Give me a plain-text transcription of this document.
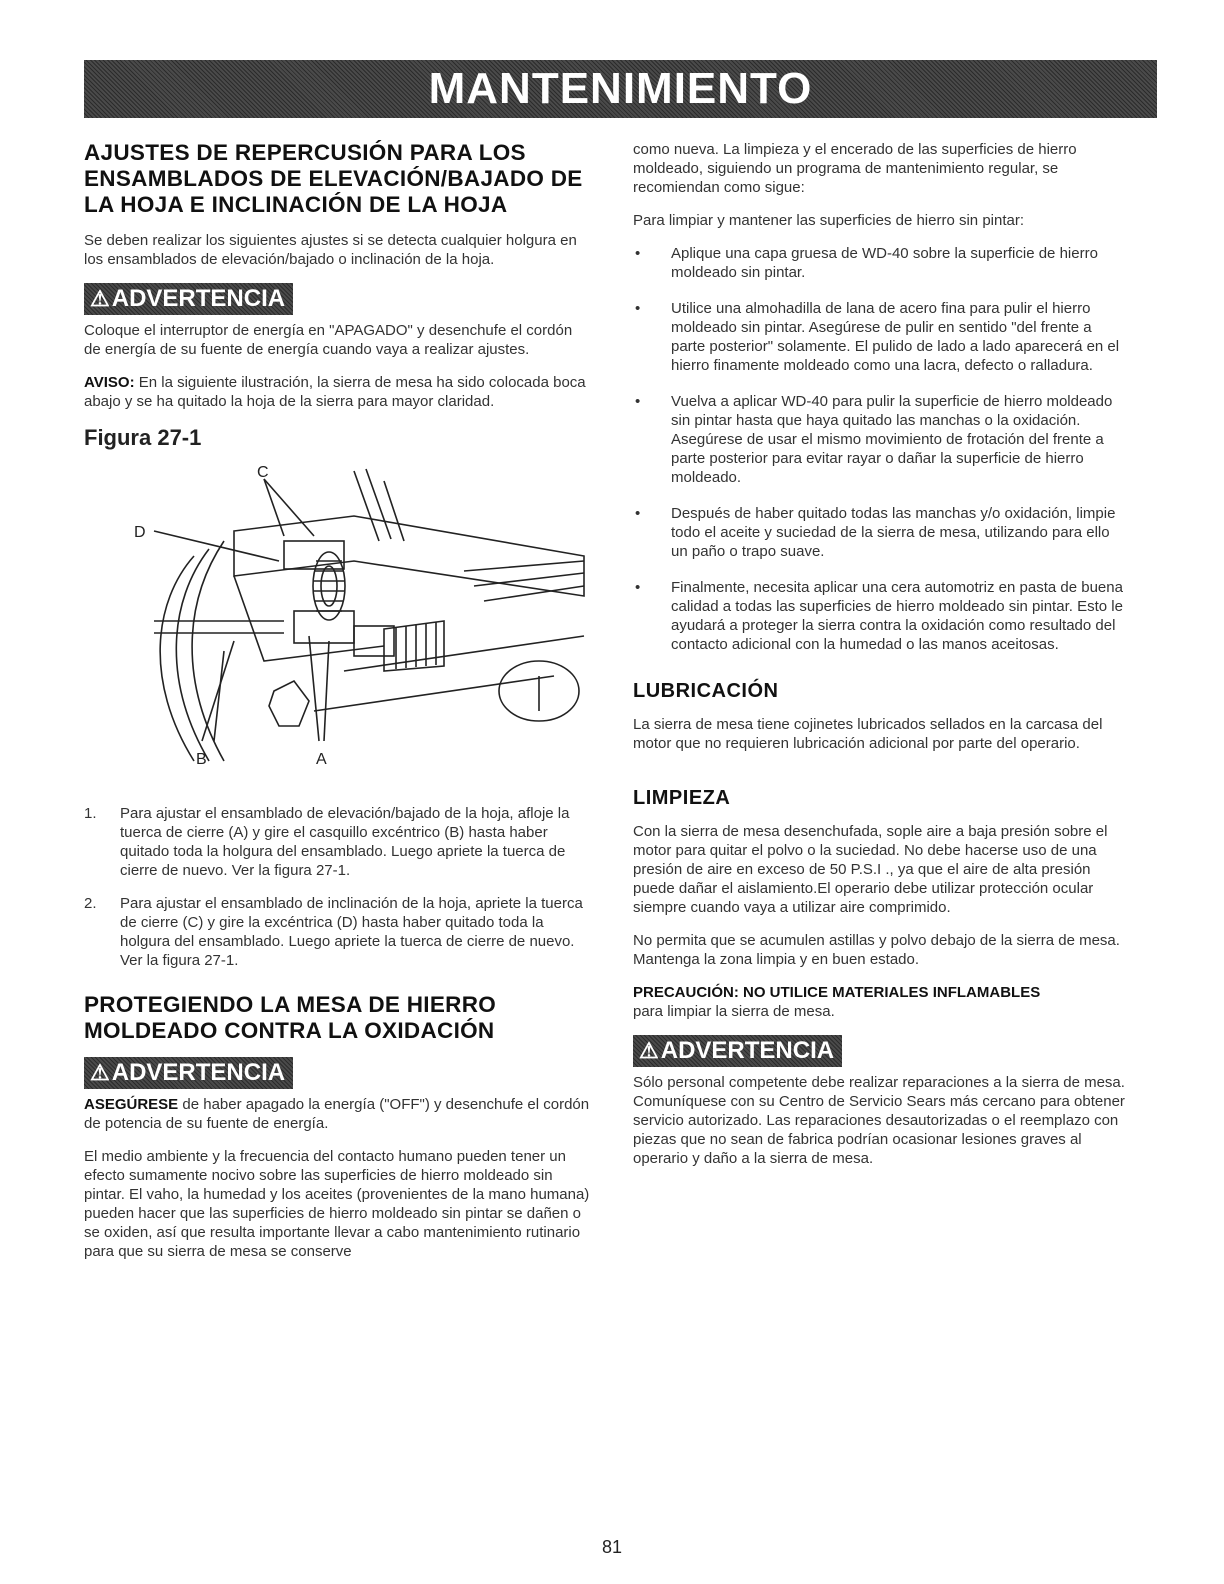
MANTENIMIENTO
AJUSTES DE REPERCUSIÓN PARA LOS ENSAMBLADOS DE ELEVACIÓN/BAJADO DE LA HOJA E INCLINACIÓN DE LA HOJA

Se deben realizar los siguientes ajustes si se detecta cualquier holgura en los ensamblados de elevación/bajado o inclinación de la hoja.

⚠ADVERTENCIA

Coloque el interruptor de energía en "APAGADO" y desenchufe el cordón de energía de su fuente de energía cuando vaya a realizar ajustes.

AVISO: En la siguiente ilustración, la sierra de mesa ha sido colocada boca abajo y se ha quitado la hoja de la sierra para mayor claridad.

Figura 27-1
C
D
B	A
1.	Para ajustar el ensamblado de elevación/bajado de la hoja, afloje la tuerca de cierre (A) y gire el casquillo excéntrico (B) hasta haber quitado toda la holgura del ensamblado. Luego apriete la tuerca de cierre de nuevo. Ver la figura 27-1.
2.	Para ajustar el ensamblado de inclinación de la hoja, apriete la tuerca de cierre (C) y gire la excéntrica (D) hasta haber quitado toda la holgura del ensamblado. Luego apriete la tuerca de cierre de nuevo. Ver la figura 27-1.
PROTEGIENDO LA MESA DE HIERRO MOLDEADO CONTRA LA OXIDACIÓN
⚠ADVERTENCIA

ASEGÚRESE de haber apagado la energía ("OFF") y desenchufe el cordón de potencia de su fuente de energía.

El medio ambiente y la frecuencia del contacto humano pueden tener un efecto sumamente nocivo sobre las superficies de hierro moldeado sin pintar. El vaho, la humedad y los aceites (provenientes de la mano humana) pueden hacer que las superficies de hierro moldeado sin pintar se dañen o se oxiden, así que resulta importante llevar a cabo mantenimiento rutinario para que su sierra de mesa se conserve

como nueva. La limpieza y el encerado de las superficies de hierro moldeado, siguiendo un programa de mantenimiento regular, se recomiendan como sigue:

Para limpiar y mantener las superficies de hierro sin pintar:

•	Aplique una capa gruesa de WD-40 sobre la superficie de hierro moldeado sin pintar.
•	Utilice una almohadilla de lana de acero fina para pulir el hierro moldeado sin pintar. Asegúrese de pulir en sentido "del frente a parte posterior" solamente. El pulido de lado a lado aparecerá en el hierro finamente moldeado como una lacra, defecto o ralladura.
•	Vuelva a aplicar WD-40 para pulir la superficie de hierro moldeado sin pintar hasta que haya quitado las manchas o la oxidación. Asegúrese de usar el mismo movimiento de frotación del frente a parte posterior para evitar rayar o dañar la superficie de hierro moldeado.
•	Después de haber quitado todas las manchas y/o oxidación, limpie todo el aceite y suciedad de la sierra de mesa, utilizando para ello un paño o trapo suave.
•	Finalmente, necesita aplicar una cera automotriz en pasta de buena calidad a todas las superficies de hierro moldeado sin pintar. Esto le ayudará a proteger la sierra contra la oxidación como resultado del contacto adicional con la humedad o las manos aceitosas.
LUBRICACIÓN

La sierra de mesa tiene cojinetes lubricados sellados en la carcasa del motor que no requieren lubricación adicional por parte del operario.

LIMPIEZA

Con la sierra de mesa desenchufada, sople aire a baja presión sobre el motor para quitar el polvo o la suciedad. No debe hacerse uso de una presión de aire en exceso de 50 P.S.I ., ya que el aire de alta presión puede dañar el aislamiento.El operario debe utilizar protección ocular siempre cuando vaya a utilizar aire comprimido.

No permita que se acumulen astillas y polvo debajo de la sierra de mesa. Mantenga la zona limpia y en buen estado.

PRECAUCIÓN: NO UTILICE MATERIALES INFLAMABLES
para limpiar la sierra de mesa.

⚠ADVERTENCIA

Sólo personal competente debe realizar reparaciones a la sierra de mesa. Comuníquese con su Centro de Servicio Sears más cercano para obtener servicio autorizado. Las reparaciones desautorizadas o el reemplazo con piezas que no sean de fabrica podrían ocasionar lesiones graves al operario y daño a la sierra de mesa.

81
